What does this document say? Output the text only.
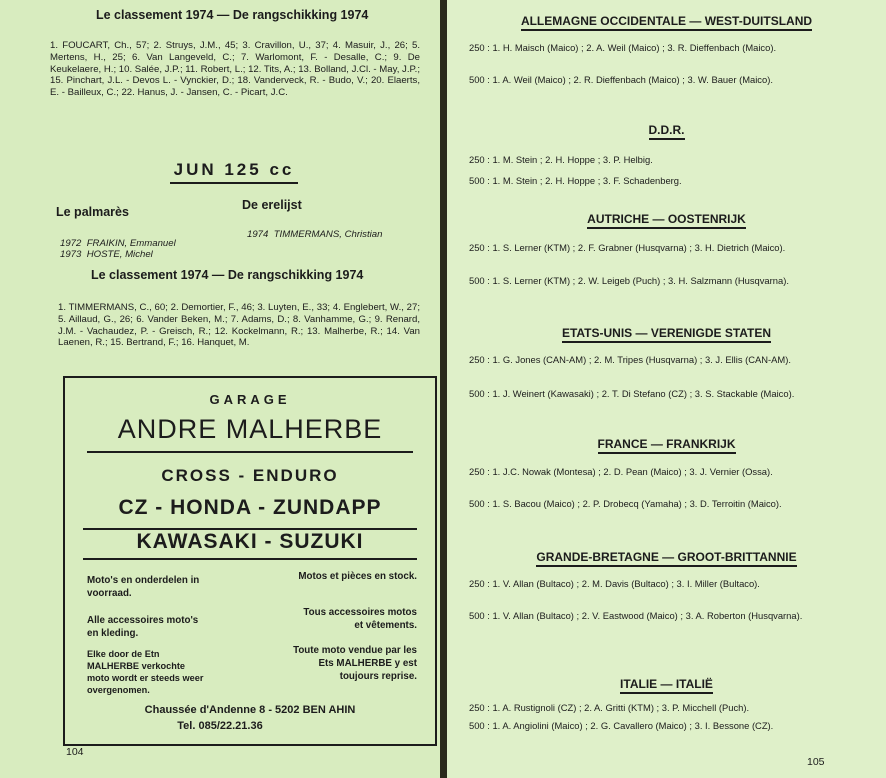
Le classement 1974 — De rangschikking 1974
1. FOUCART, Ch., 57; 2. Struys, J.M., 45; 3. Cravillon, U., 37; 4. Masuir, J., 26; 5. Mertens, H., 25; 6. Van Langeveld, C.; 7. Warlomont, F. - Desalle, C.; 9. De Keukelaere, H.; 10. Salée, J.P.; 11. Robert, L.; 12. Tits, A.; 13. Bolland, J.Cl. - May, J.P.; 15. Pinchart, J.L. - Devos L. - Vynckier, D.; 18. Vanderveck, R. - Budo, V.; 20. Elaerts, E. - Bailleux, C.; 22. Hanus, J. - Jansen, C. - Picart, J.C.
JUN 125 cc
Le palmarès	De erelijst
1972 FRAIKIN, Emmanuel
1973 HOSTE, Michel
1974 TIMMERMANS, Christian
Le classement 1974 — De rangschikking 1974
1. TIMMERMANS, C., 60; 2. Demortier, F., 46; 3. Luyten, E., 33; 4. Englebert, W., 27; 5. Aillaud, G., 26; 6. Vander Beken, M.; 7. Adams, D.; 8. Vanhamme, G.; 9. Renard, J.M. - Vachaudez, P. - Greisch, R.; 12. Kockelmann, R.; 13. Malherbe, R.; 14. Van Laenen, R.; 15. Bertrand, F.; 16. Hanquet, M.
GARAGE
ANDRE MALHERBE
CROSS - ENDURO
CZ - HONDA - ZUNDAPP
KAWASAKI - SUZUKI
Moto's en onderdelen in voorraad.
Motos et pièces en stock.
Alle accessoires moto's en kleding.
Tous accessoires motos et vêtements.
Elke door de Etn MALHERBE verkochte moto wordt er steeds weer overgenomen.
Toute moto vendue par les Ets MALHERBE y est toujours reprise.
Chaussée d'Andenne 8 - 5202 BEN AHIN
Tel. 085/22.21.36
104
ALLEMAGNE OCCIDENTALE — WEST-DUITSLAND
250 : 1. H. Maisch (Maico) ; 2. A. Weil (Maico) ; 3. R. Dieffenbach (Maico).
500 : 1. A. Weil (Maico) ; 2. R. Dieffenbach (Maico) ; 3. W. Bauer (Maico).
D.D.R.
250 : 1. M. Stein ; 2. H. Hoppe ; 3. P. Helbig.
500 : 1. M. Stein ; 2. H. Hoppe ; 3. F. Schadenberg.
AUTRICHE — OOSTENRIJK
250 : 1. S. Lerner (KTM) ; 2. F. Grabner (Husqvarna) ; 3. H. Dietrich (Maico).
500 : 1. S. Lerner (KTM) ; 2. W. Leigeb (Puch) ; 3. H. Salzmann (Husqvarna).
ETATS-UNIS — VERENIGDE STATEN
250 : 1. G. Jones (CAN-AM) ; 2. M. Tripes (Husqvarna) ; 3. J. Ellis (CAN-AM).
500 : 1. J. Weinert (Kawasaki) ; 2. T. Di Stefano (CZ) ; 3. S. Stackable (Maico).
FRANCE — FRANKRIJK
250 : 1. J.C. Nowak (Montesa) ; 2. D. Pean (Maico) ; 3. J. Vernier (Ossa).
500 : 1. S. Bacou (Maico) ; 2. P. Drobecq (Yamaha) ; 3. D. Terroitin (Maico).
GRANDE-BRETAGNE — GROOT-BRITTANNIE
250 : 1. V. Allan (Bultaco) ; 2. M. Davis (Bultaco) ; 3. I. Miller (Bultaco).
500 : 1. V. Allan (Bultaco) ; 2. V. Eastwood (Maico) ; 3. A. Roberton (Husqvarna).
ITALIE — ITALIË
250 : 1. A. Rustignoli (CZ) ; 2. A. Gritti (KTM) ; 3. P. Micchell (Puch).
500 : 1. A. Angiolini (Maico) ; 2. G. Cavallero (Maico) ; 3. I. Bessone (CZ).
105
